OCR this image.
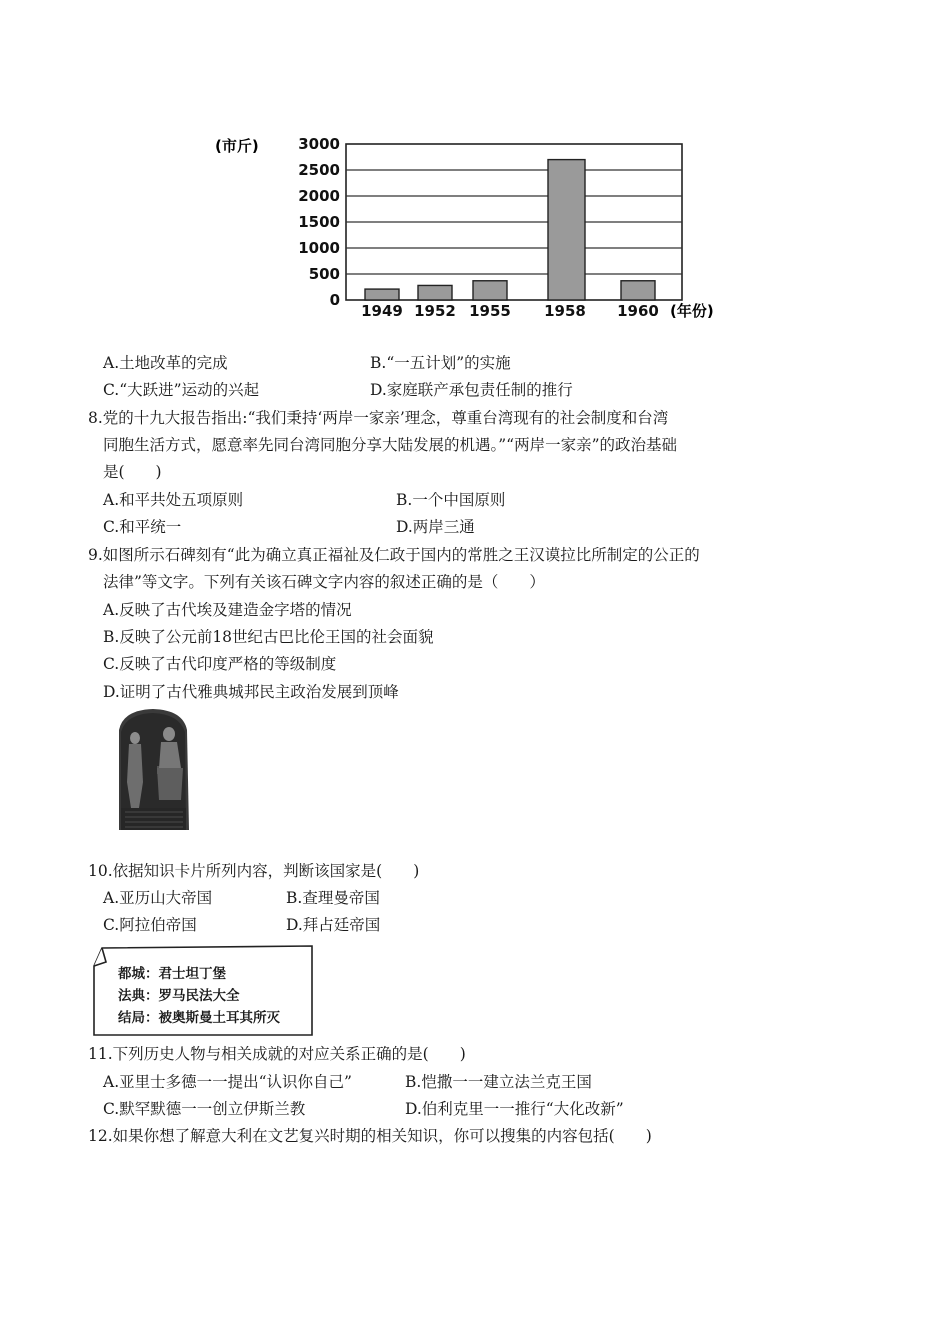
3000
2500
2000
1500
1000
500
0
1949 1952 1955 1958 1960
(市斤)
(年份)
A.土地改革的完成	B.“一五计划”的实施
C.“大跃进”运动的兴起	D.家庭联产承包责任制的推行
8.党的十九大报告指出:“我们秉持‘两岸一家亲’理念，尊重台湾现有的社会制度和台湾
同胞生活方式，愿意率先同台湾同胞分享大陆发展的机遇。”“两岸一家亲”的政治基础
是(　　)
A.和平共处五项原则	B.一个中国原则
C.和平统一	D.两岸三通
9.如图所示石碑刻有“此为确立真正福祉及仁政于国内的常胜之王汉谟拉比所制定的公正的
法律”等文字。下列有关该石碑文字内容的叙述正确的是（　　）
A.反映了古代埃及建造金字塔的情况
B.反映了公元前18世纪古巴比伦王国的社会面貌
C.反映了古代印度严格的等级制度
D.证明了古代雅典城邦民主政治发展到顶峰
10.依据知识卡片所列内容，判断该国家是(　　)
A.亚历山大帝国	B.查理曼帝国
C.阿拉伯帝国	D.拜占廷帝国
都城：君士坦丁堡
法典：罗马民法大全
结局：被奥斯曼土耳其所灭
11.下列历史人物与相关成就的对应关系正确的是(　　)
A.亚里士多德一一提出“认识你自己”	B.恺撒一一建立法兰克王国
C.默罕默德一一创立伊斯兰教	D.伯利克里一一推行“大化改新”
12.如果你想了解意大利在文艺复兴时期的相关知识，你可以搜集的内容包括(　　)
